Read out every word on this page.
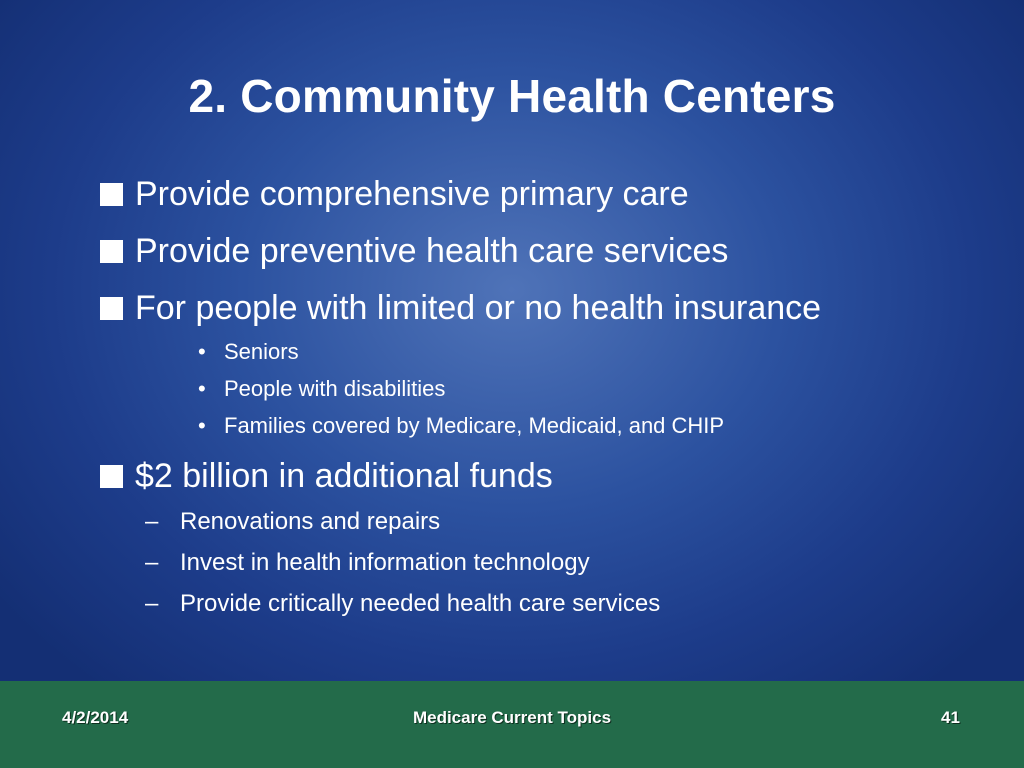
2. Community Health Centers
Provide comprehensive primary care
Provide preventive health care services
For people with limited or no health insurance
• Seniors
• People with disabilities
• Families covered by Medicare, Medicaid, and CHIP
$2 billion in additional funds
– Renovations and repairs
– Invest in health information technology
– Provide critically needed health care services
4/2/2014	Medicare Current Topics	41
